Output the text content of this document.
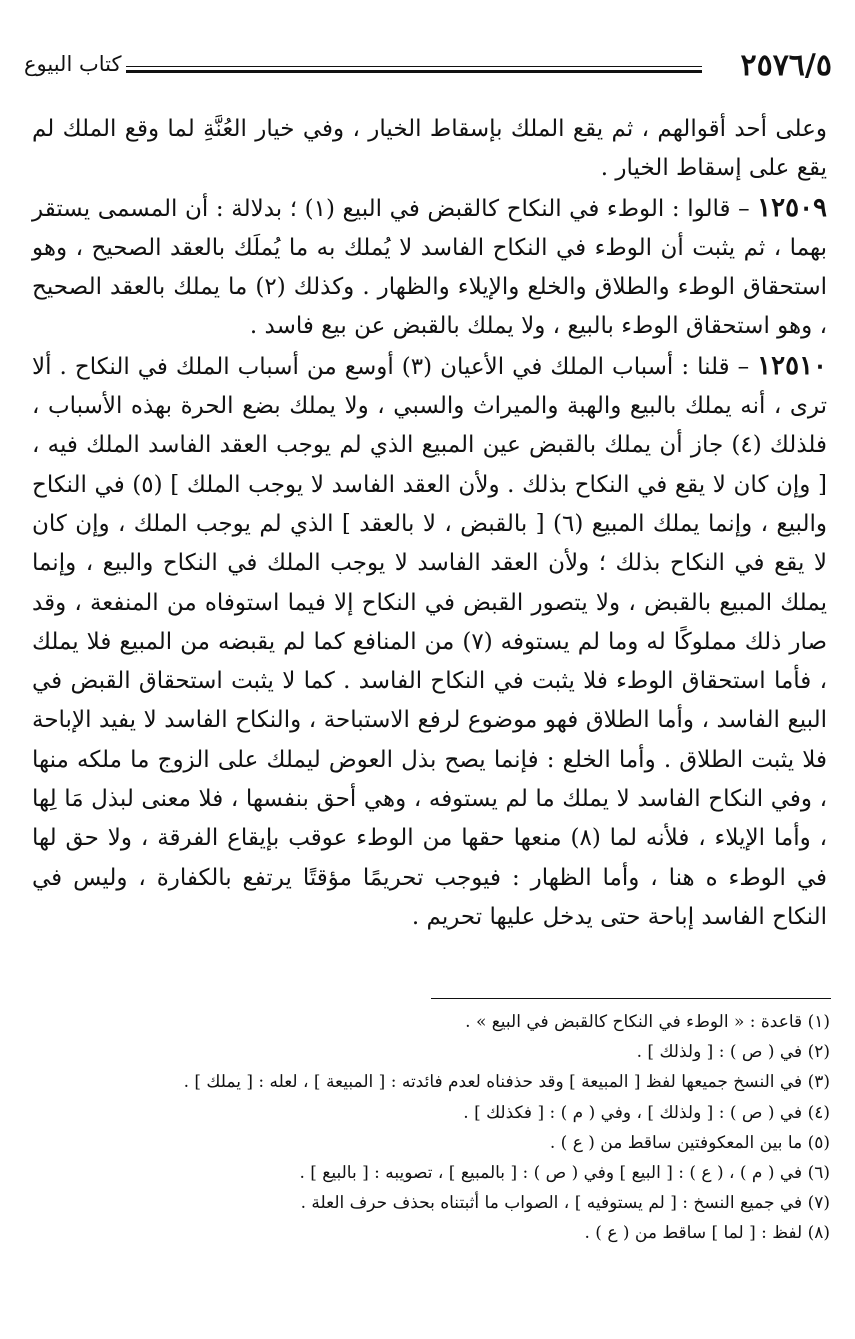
٢٥٧٦/٥
كتاب البيوع

وعلى أحد أقوالهم ، ثم يقع الملك بإسقاط الخيار ، وفي خيار العُنَّةِ لما وقع الملك لم يقع على إسقاط الخيار .

١٢٥٠٩ – قالوا : الوطء في النكاح كالقبض في البيع (١) ؛ بدلالة : أن المسمى يستقر بهما ، ثم يثبت أن الوطء في النكاح الفاسد لا يُملك به ما يُملَك بالعقد الصحيح ، وهو استحقاق الوطء والطلاق والخلع والإيلاء والظهار . وكذلك (٢) ما يملك بالعقد الصحيح ، وهو استحقاق الوطء بالبيع ، ولا يملك بالقبض عن بيع فاسد .

١٢٥١٠ – قلنا : أسباب الملك في الأعيان (٣) أوسع من أسباب الملك في النكاح . ألا ترى ، أنه يملك بالبيع والهبة والميراث والسبي ، ولا يملك بضع الحرة بهذه الأسباب ، فلذلك (٤) جاز أن يملك بالقبض عين المبيع الذي لم يوجب العقد الفاسد الملك فيه ، [ وإن كان لا يقع في النكاح بذلك . ولأن العقد الفاسد لا يوجب الملك ] (٥) في النكاح والبيع ، وإنما يملك المبيع (٦) [ بالقبض ، لا بالعقد ] الذي لم يوجب الملك ، وإن كان لا يقع في النكاح بذلك ؛ ولأن العقد الفاسد لا يوجب الملك في النكاح والبيع ، وإنما يملك المبيع بالقبض ، ولا يتصور القبض في النكاح إلا فيما استوفاه من المنفعة ، وقد صار ذلك مملوكًا له وما لم يستوفه (٧) من المنافع كما لم يقبضه من المبيع فلا يملك ، فأما استحقاق الوطء فلا يثبت في النكاح الفاسد . كما لا يثبت استحقاق القبض في البيع الفاسد ، وأما الطلاق فهو موضوع لرفع الاستباحة ، والنكاح الفاسد لا يفيد الإباحة فلا يثبت الطلاق . وأما الخلع : فإنما يصح بذل العوض ليملك على الزوج ما ملكه منها ، وفي النكاح الفاسد لا يملك ما لم يستوفه ، وهي أحق بنفسها ، فلا معنى لبذل مَا لِها ، وأما الإيلاء ، فلأنه لما (٨) منعها حقها من الوطء عوقب بإيقاع الفرقة ، ولا حق لها في الوطء ه هنا ، وأما الظهار : فيوجب تحريمًا مؤقتًا يرتفع بالكفارة ، وليس في النكاح الفاسد إباحة حتى يدخل عليها تحريم .

(١) قاعدة : « الوطء في النكاح كالقبض في البيع » .

(٢) في ( ص ) : [ ولذلك ] .

(٣) في النسخ جميعها لفظ [ المبيعة ] وقد حذفناه لعدم فائدته : [ المبيعة ] ، لعله : [ يملك ] .

(٤) في ( ص ) : [ ولذلك ] ، وفي ( م ) : [ فكذلك ] .

(٥) ما بين المعكوفتين ساقط من ( ع ) .

(٦) في ( م ) ، ( ع ) : [ البيع ] وفي ( ص ) : [ بالمبيع ] ، تصويبه : [ بالبيع ] .

(٧) في جميع النسخ : [ لم يستوفيه ] ، الصواب ما أثبتناه بحذف حرف العلة .

(٨) لفظ : [ لما ] ساقط من ( ع ) .
